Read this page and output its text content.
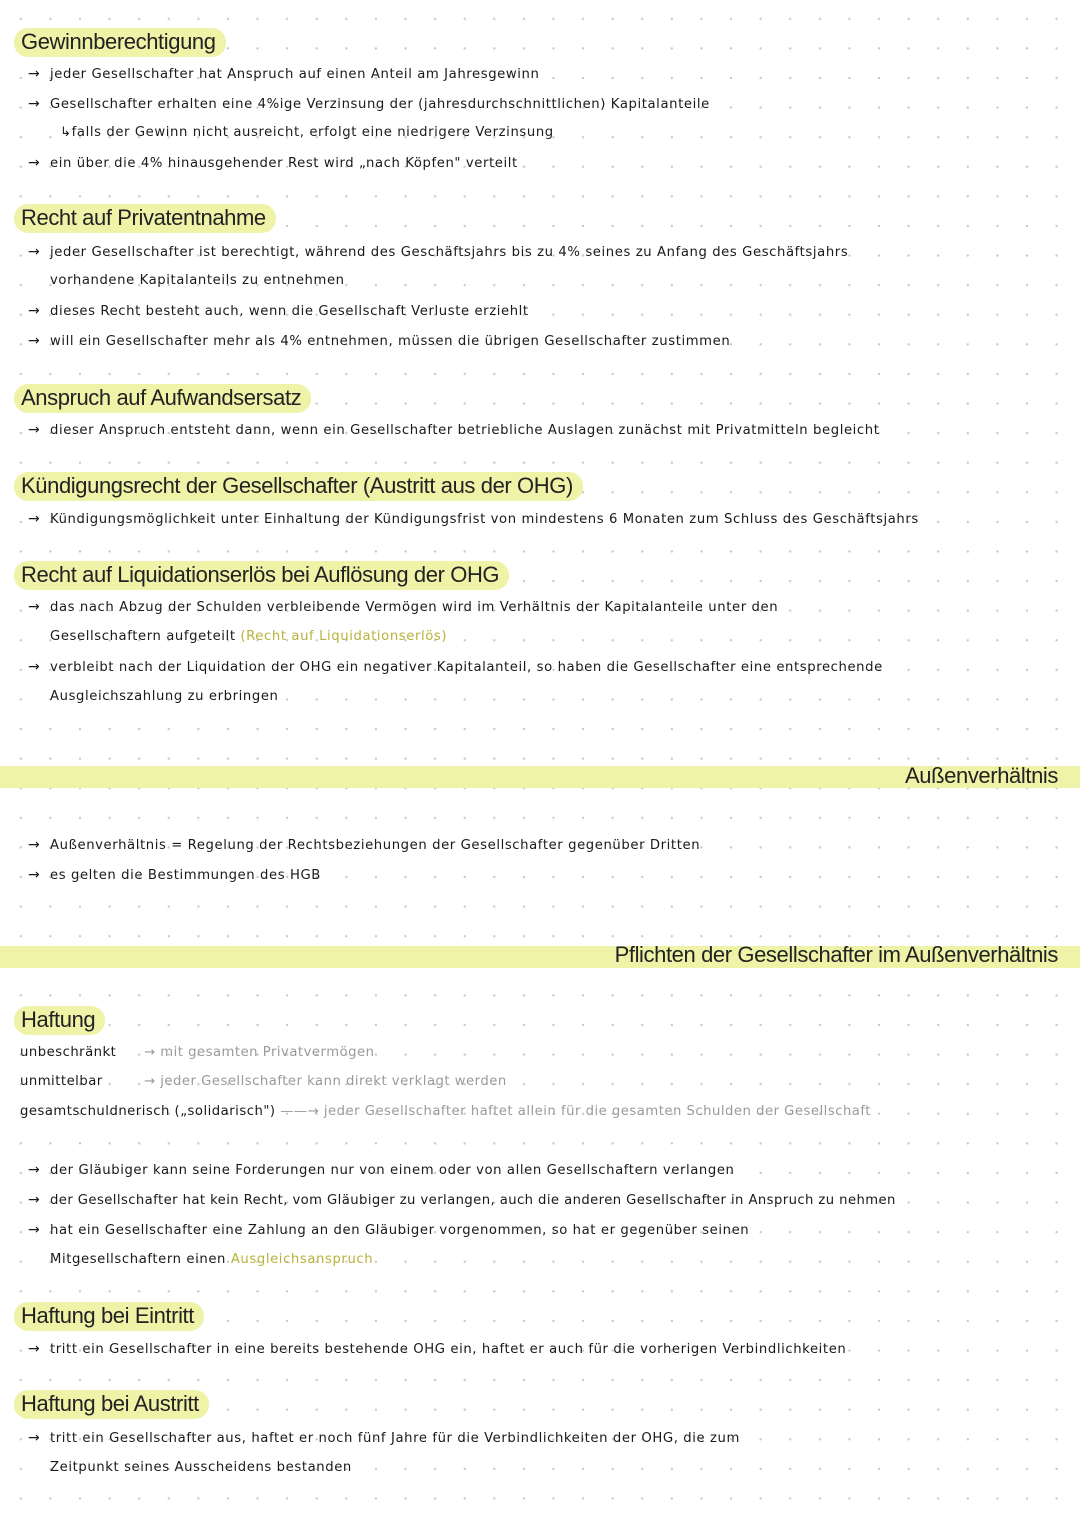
Gewinnberechtigung
→ jeder Gesellschafter hat Anspruch auf einen Anteil am Jahresgewinn
→ Gesellschafter erhalten eine 4%ige Verzinsung der (jahresdurchschnittlichen) Kapitalanteile
↳falls der Gewinn nicht ausreicht, erfolgt eine niedrigere Verzinsung
→ ein über die 4% hinausgehender Rest wird „nach Köpfen" verteilt
Recht auf Privatentnahme
→ jeder Gesellschafter ist berechtigt, während des Geschäftsjahrs bis zu 4% seines zu Anfang des Geschäftsjahrs
vorhandene Kapitalanteils zu entnehmen
→ dieses Recht besteht auch, wenn die Gesellschaft Verluste erziehlt
→ will ein Gesellschafter mehr als 4% entnehmen, müssen die übrigen Gesellschafter zustimmen
Anspruch auf Aufwandsersatz
→ dieser Anspruch entsteht dann, wenn ein Gesellschafter betriebliche Auslagen zunächst mit Privatmitteln begleicht
Kündigungsrecht der Gesellschafter (Austritt aus der OHG)
→ Kündigungsmöglichkeit unter Einhaltung der Kündigungsfrist von mindestens 6 Monaten zum Schluss des Geschäftsjahrs
Recht auf Liquidationserlös bei Auflösung der OHG
→ das nach Abzug der Schulden verbleibende Vermögen wird im Verhältnis der Kapitalanteile unter den
Gesellschaftern aufgeteilt (Recht auf Liquidationserlös)
→ verbleibt nach der Liquidation der OHG ein negativer Kapitalanteil, so haben die Gesellschafter eine entsprechende
Ausgleichszahlung zu erbringen
Außenverhältnis
→ Außenverhältnis = Regelung der Rechtsbeziehungen der Gesellschafter gegenüber Dritten
→ es gelten die Bestimmungen des HGB
Pflichten der Gesellschafter im Außenverhältnis
Haftung
unbeschränkt → mit gesamten Privatvermögen
unmittelbar	→ jeder Gesellschafter kann direkt verklagt werden
gesamtschuldnerisch („solidarisch") ——→ jeder Gesellschafter haftet allein für die gesamten Schulden der Gesellschaft
→ der Gläubiger kann seine Forderungen nur von einem oder von allen Gesellschaftern verlangen
→ der Gesellschafter hat kein Recht, vom Gläubiger zu verlangen, auch die anderen Gesellschafter in Anspruch zu nehmen
→ hat ein Gesellschafter eine Zahlung an den Gläubiger vorgenommen, so hat er gegenüber seinen
Mitgesellschaftern einen Ausgleichsanspruch
Haftung bei Eintritt
→ tritt ein Gesellschafter in eine bereits bestehende OHG ein, haftet er auch für die vorherigen Verbindlichkeiten
Haftung bei Austritt
→ tritt ein Gesellschafter aus, haftet er noch fünf Jahre für die Verbindlichkeiten der OHG, die zum
Zeitpunkt seines Ausscheidens bestanden
